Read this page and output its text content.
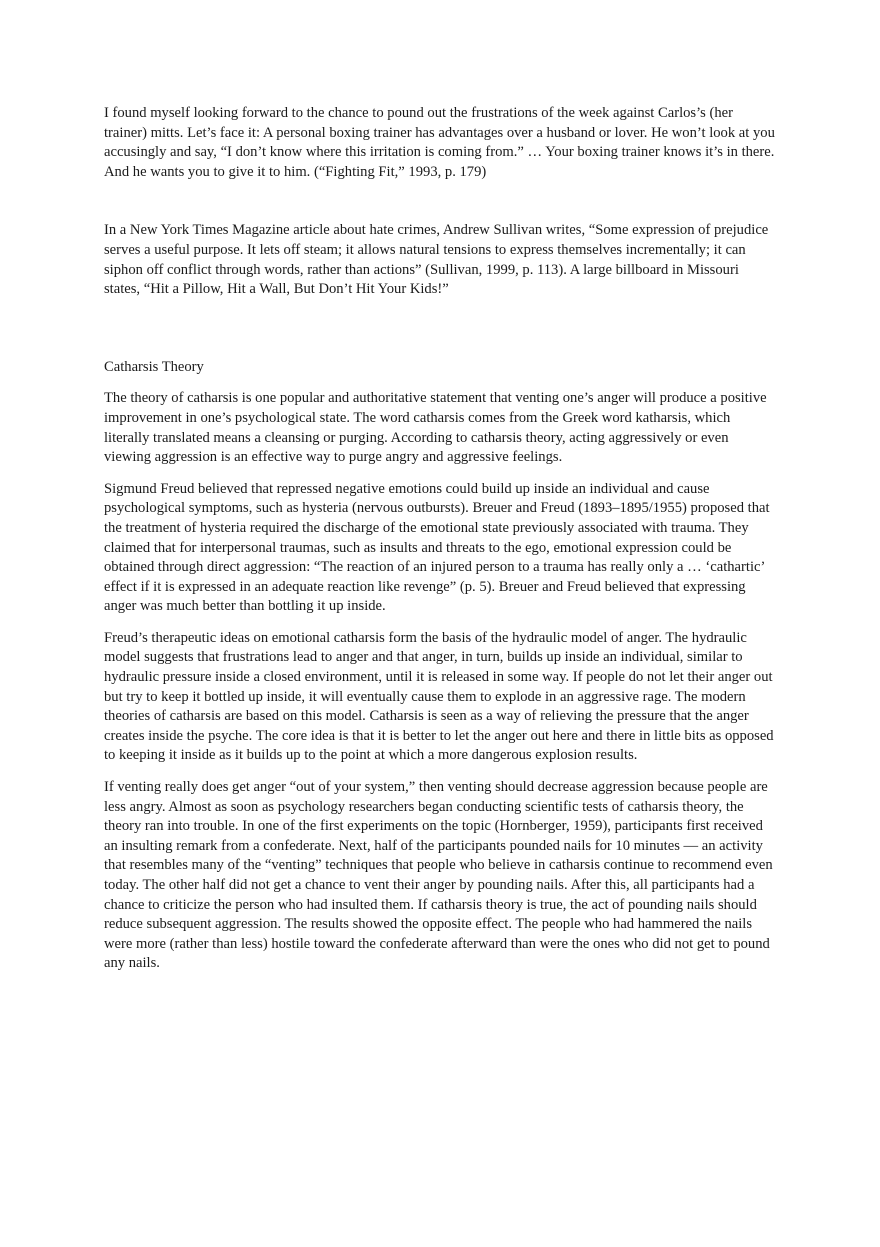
I found myself looking forward to the chance to pound out the frustrations of the week against Carlos’s (her trainer) mitts. Let’s face it: A personal boxing trainer has advantages over a husband or lover. He won’t look at you accusingly and say, “I don’t know where this irritation is coming from.” … Your boxing trainer knows it’s in there. And he wants you to give it to him. (“Fighting Fit,” 1993, p. 179)

In a New York Times Magazine article about hate crimes, Andrew Sullivan writes, “Some expression of prejudice serves a useful purpose. It lets off steam; it allows natural tensions to express themselves incrementally; it can siphon off conflict through words, rather than actions” (Sullivan, 1999, p. 113). A large billboard in Missouri states, “Hit a Pillow, Hit a Wall, But Don’t Hit Your Kids!”

Catharsis Theory

The theory of catharsis is one popular and authoritative statement that venting one’s anger will produce a positive improvement in one’s psychological state. The word catharsis comes from the Greek word katharsis, which literally translated means a cleansing or purging. According to catharsis theory, acting aggressively or even viewing aggression is an effective way to purge angry and aggressive feelings.

Sigmund Freud believed that repressed negative emotions could build up inside an individual and cause psychological symptoms, such as hysteria (nervous outbursts). Breuer and Freud (1893–1895/1955) proposed that the treatment of hysteria required the discharge of the emotional state previously associated with trauma. They claimed that for interpersonal traumas, such as insults and threats to the ego, emotional expression could be obtained through direct aggression: “The reaction of an injured person to a trauma has really only a … ‘cathartic’ effect if it is expressed in an adequate reaction like revenge” (p. 5). Breuer and Freud believed that expressing anger was much better than bottling it up inside.

Freud’s therapeutic ideas on emotional catharsis form the basis of the hydraulic model of anger. The hydraulic model suggests that frustrations lead to anger and that anger, in turn, builds up inside an individual, similar to hydraulic pressure inside a closed environment, until it is released in some way. If people do not let their anger out but try to keep it bottled up inside, it will eventually cause them to explode in an aggressive rage. The modern theories of catharsis are based on this model. Catharsis is seen as a way of relieving the pressure that the anger creates inside the psyche. The core idea is that it is better to let the anger out here and there in little bits as opposed to keeping it inside as it builds up to the point at which a more dangerous explosion results.

If venting really does get anger “out of your system,” then venting should decrease aggression because people are less angry. Almost as soon as psychology researchers began conducting scientific tests of catharsis theory, the theory ran into trouble. In one of the first experiments on the topic (Hornberger, 1959), participants first received an insulting remark from a confederate. Next, half of the participants pounded nails for 10 minutes — an activity that resembles many of the “venting” techniques that people who believe in catharsis continue to recommend even today. The other half did not get a chance to vent their anger by pounding nails. After this, all participants had a chance to criticize the person who had insulted them. If catharsis theory is true, the act of pounding nails should reduce subsequent aggression. The results showed the opposite effect. The people who had hammered the nails were more (rather than less) hostile toward the confederate afterward than were the ones who did not get to pound any nails.
